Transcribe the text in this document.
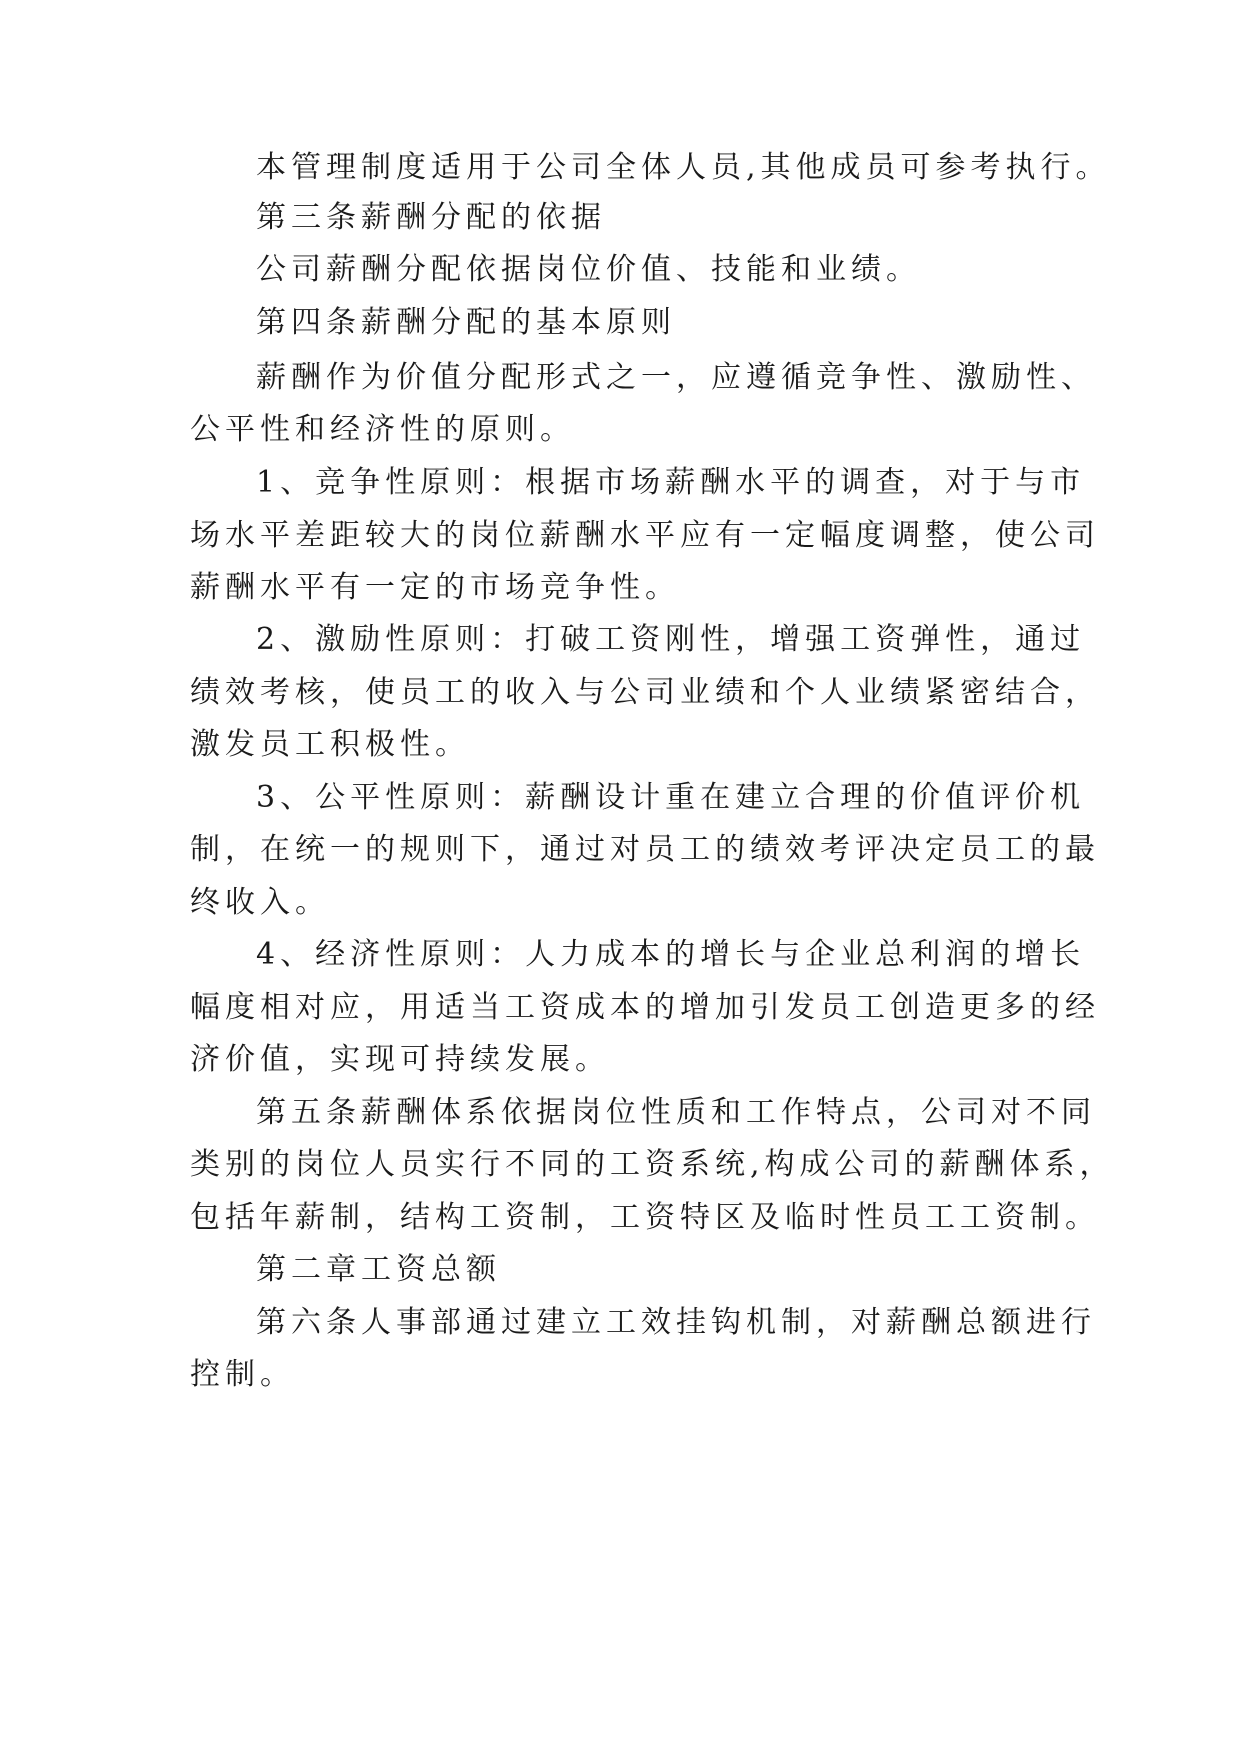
本管理制度适用于公司全体人员,其他成员可参考执行。

第三条薪酬分配的依据

公司薪酬分配依据岗位价值、技能和业绩。

第四条薪酬分配的基本原则

薪酬作为价值分配形式之一，应遵循竞争性、激励性、

公平性和经济性的原则。

1、竞争性原则：根据市场薪酬水平的调查，对于与市

场水平差距较大的岗位薪酬水平应有一定幅度调整，使公司

薪酬水平有一定的市场竞争性。

2、激励性原则：打破工资刚性，增强工资弹性，通过

绩效考核，使员工的收入与公司业绩和个人业绩紧密结合，

激发员工积极性。

3、公平性原则：薪酬设计重在建立合理的价值评价机

制，在统一的规则下，通过对员工的绩效考评决定员工的最

终收入。

4、经济性原则：人力成本的增长与企业总利润的增长

幅度相对应，用适当工资成本的增加引发员工创造更多的经

济价值，实现可持续发展。

第五条薪酬体系依据岗位性质和工作特点，公司对不同

类别的岗位人员实行不同的工资系统,构成公司的薪酬体系，

包括年薪制，结构工资制，工资特区及临时性员工工资制。

第二章工资总额

第六条人事部通过建立工效挂钩机制，对薪酬总额进行

控制。
